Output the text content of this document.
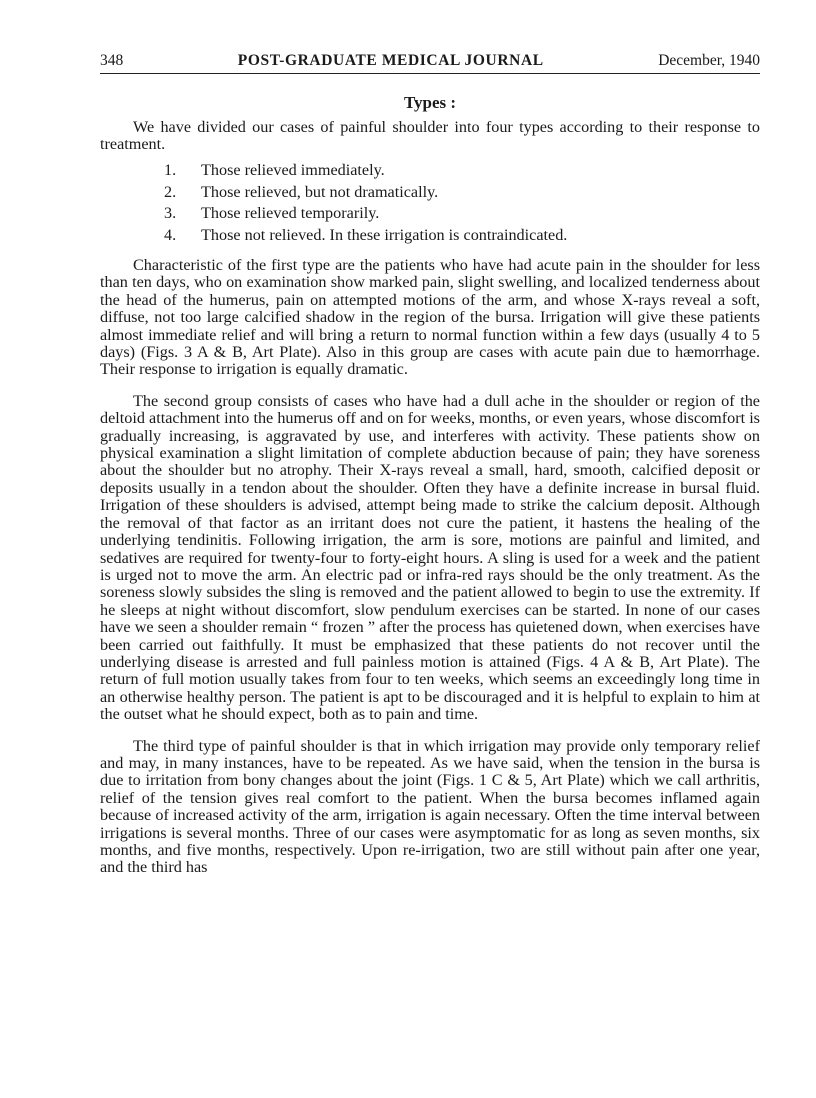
348	POST-GRADUATE MEDICAL JOURNAL	December, 1940
Types :

We have divided our cases of painful shoulder into four types according to their response to treatment.

1.	Those relieved immediately.
2.	Those relieved, but not dramatically.
3.	Those relieved temporarily.
4.	Those not relieved. In these irrigation is contraindicated.

Characteristic of the first type are the patients who have had acute pain in the shoulder for less than ten days, who on examination show marked pain, slight swelling, and localized tenderness about the head of the humerus, pain on attempted motions of the arm, and whose X-rays reveal a soft, diffuse, not too large calcified shadow in the region of the bursa. Irrigation will give these patients almost immediate relief and will bring a return to normal function within a few days (usually 4 to 5 days) (Figs. 3 A & B, Art Plate). Also in this group are cases with acute pain due to hæmorrhage. Their response to irrigation is equally dramatic.

The second group consists of cases who have had a dull ache in the shoulder or region of the deltoid attachment into the humerus off and on for weeks, months, or even years, whose discomfort is gradually increasing, is aggravated by use, and interferes with activity. These patients show on physical examination a slight limitation of complete abduction because of pain; they have soreness about the shoulder but no atrophy. Their X-rays reveal a small, hard, smooth, calcified deposit or deposits usually in a tendon about the shoulder. Often they have a definite increase in bursal fluid. Irrigation of these shoulders is advised, attempt being made to strike the calcium deposit. Although the removal of that factor as an irritant does not cure the patient, it hastens the healing of the underlying tendinitis. Following irrigation, the arm is sore, motions are painful and limited, and sedatives are required for twenty-four to forty-eight hours. A sling is used for a week and the patient is urged not to move the arm. An electric pad or infra-red rays should be the only treatment. As the soreness slowly subsides the sling is removed and the patient allowed to begin to use the extremity. If he sleeps at night without discomfort, slow pendulum exercises can be started. In none of our cases have we seen a shoulder remain “ frozen ” after the process has quietened down, when exercises have been carried out faithfully. It must be emphasized that these patients do not recover until the underlying disease is arrested and full painless motion is attained (Figs. 4 A & B, Art Plate). The return of full motion usually takes from four to ten weeks, which seems an exceedingly long time in an otherwise healthy person. The patient is apt to be discouraged and it is helpful to explain to him at the outset what he should expect, both as to pain and time.

The third type of painful shoulder is that in which irrigation may provide only temporary relief and may, in many instances, have to be repeated. As we have said, when the tension in the bursa is due to irritation from bony changes about the joint (Figs. 1 C & 5, Art Plate) which we call arthritis, relief of the tension gives real comfort to the patient. When the bursa becomes inflamed again because of increased activity of the arm, irrigation is again necessary. Often the time interval between irrigations is several months. Three of our cases were asymptomatic for as long as seven months, six months, and five months, respectively. Upon re-irrigation, two are still without pain after one year, and the third has
